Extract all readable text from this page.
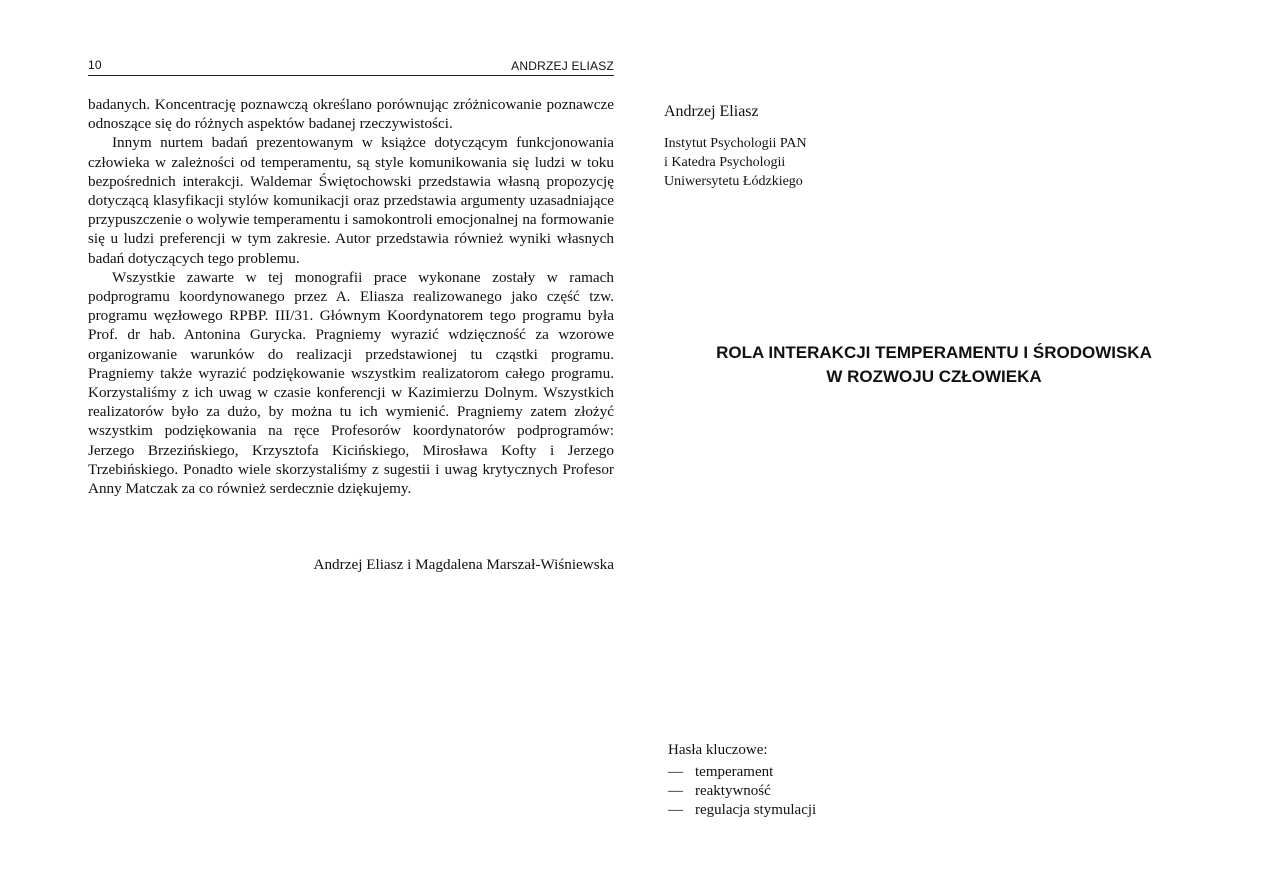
10	ANDRZEJ ELIASZ

badanych. Koncentrację poznawczą określano porównując zróżnicowanie poznawcze odnoszące się do różnych aspektów badanej rzeczywistości.

Innym nurtem badań prezentowanym w książce dotyczącym funkcjonowania człowieka w zależności od temperamentu, są style komunikowania się ludzi w toku bezpośrednich interakcji. Waldemar Świętochowski przedstawia własną propozycję dotyczącą klasyfikacji stylów komunikacji oraz przedstawia argumenty uzasadniające przypuszczenie o wolywie temperamentu i samokontroli emocjonalnej na formowanie się u ludzi preferencji w tym zakresie. Autor przedstawia również wyniki własnych badań dotyczących tego problemu.

Wszystkie zawarte w tej monografii prace wykonane zostały w ramach podprogramu koordynowanego przez A. Eliasza realizowanego jako część tzw. programu węzłowego RPBP. III/31. Głównym Koordynatorem tego programu była Prof. dr hab. Antonina Gurycka. Pragniemy wyrazić wdzięczność za wzorowe organizowanie warunków do realizacji przedstawionej tu cząstki programu. Pragniemy także wyrazić podziękowanie wszystkim realizatorom całego programu. Korzystaliśmy z ich uwag w czasie konferencji w Kazimierzu Dolnym. Wszystkich realizatorów było za dużo, by można tu ich wymienić. Pragniemy zatem złożyć wszystkim podziękowania na ręce Profesorów koordynatorów podprogramów: Jerzego Brzezińskiego, Krzysztofa Kicińskiego, Mirosława Kofty i Jerzego Trzebińskiego. Ponadto wiele skorzystaliśmy z sugestii i uwag krytycznych Profesor Anny Matczak za co również serdecznie dziękujemy.

Andrzej Eliasz i Magdalena Marszał-Wiśniewska
Andrzej Eliasz
Instytut Psychologii PAN
i Katedra Psychologii
Uniwersytetu Łódzkiego
ROLA INTERAKCJI TEMPERAMENTU I ŚRODOWISKA
W ROZWOJU CZŁOWIEKA
Hasła kluczowe:
— temperament
— reaktywność
— regulacja stymulacji
